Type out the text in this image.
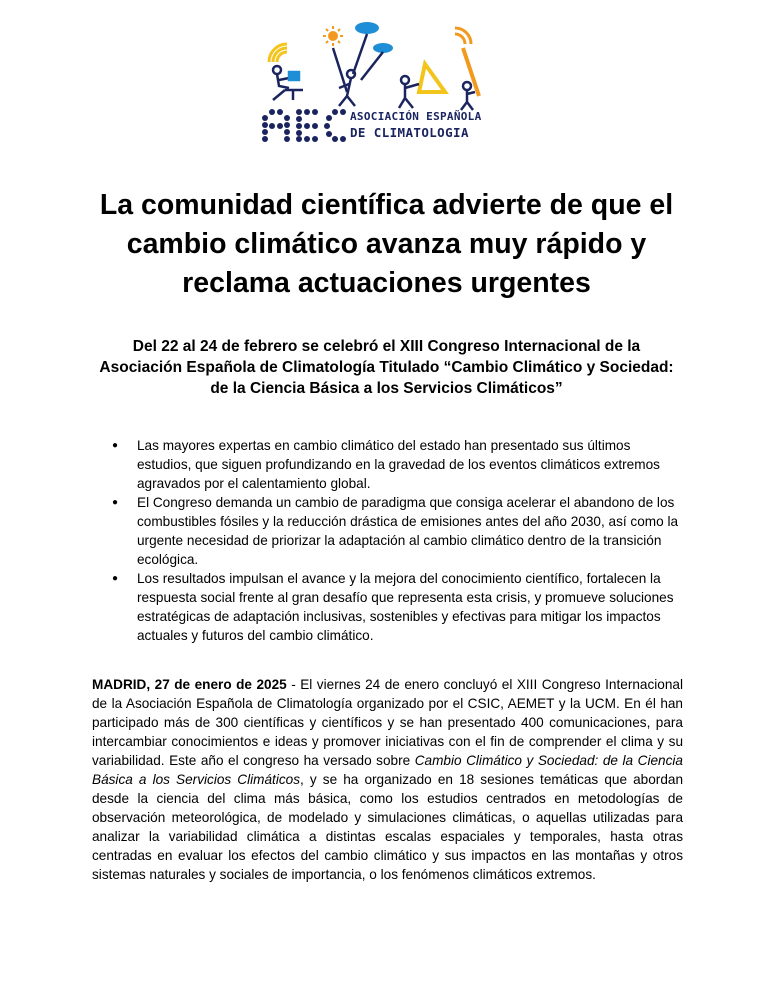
ASOCIACIÓN ESPAÑOLA
DE CLIMATOLOGIA
La comunidad científica advierte de que el cambio climático avanza muy rápido y reclama actuaciones urgentes

Del 22 al 24 de febrero se celebró el XIII Congreso Internacional de la Asociación Española de Climatología Titulado “Cambio Climático y Sociedad: de la Ciencia Básica a los Servicios Climáticos”

●	Las mayores expertas en cambio climático del estado han presentado sus últimos estudios, que siguen profundizando en la gravedad de los eventos climáticos extremos agravados por el calentamiento global.
●	El Congreso demanda un cambio de paradigma que consiga acelerar el abandono de los combustibles fósiles y la reducción drástica de emisiones antes del año 2030, así como la urgente necesidad de priorizar la adaptación al cambio climático dentro de la transición ecológica.
●	Los resultados impulsan el avance y la mejora del conocimiento científico, fortalecen la respuesta social frente al gran desafío que representa esta crisis, y promueve soluciones estratégicas de adaptación inclusivas, sostenibles y efectivas para mitigar los impactos actuales y futuros del cambio climático.

MADRID, 27 de enero de 2025 - El viernes 24 de enero concluyó el XIII Congreso Internacional de la Asociación Española de Climatología organizado por el CSIC, AEMET y la UCM. En él han participado más de 300 científicas y científicos y se han presentado 400 comunicaciones, para intercambiar conocimientos e ideas y promover iniciativas con el fin de comprender el clima y su variabilidad. Este año el congreso ha versado sobre Cambio Climático y Sociedad: de la Ciencia Básica a los Servicios Climáticos, y se ha organizado en 18 sesiones temáticas que abordan desde la ciencia del clima más básica, como los estudios centrados en metodologías de observación meteorológica, de modelado y simulaciones climáticas, o aquellas utilizadas para analizar la variabilidad climática a distintas escalas espaciales y temporales, hasta otras centradas en evaluar los efectos del cambio climático y sus impactos en las montañas y otros sistemas naturales y sociales de importancia, o los fenómenos climáticos extremos.
